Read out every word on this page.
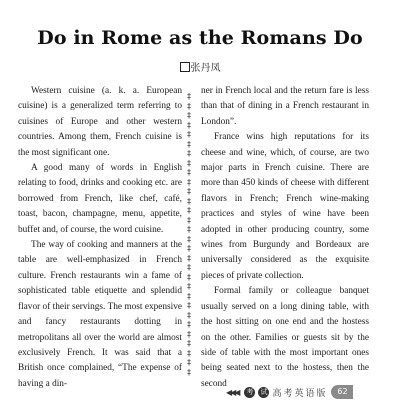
Do in Rome as the Romans Do
张丹凤

Western cuisine (a. k. a. European cuisine) is a generalized term referring to cuisines of Europe and other western countries. Among them, French cuisine is the most significant one.

A good many of words in English relating to food, drinks and cooking etc. are borrowed from French, like chef, café, toast, bacon, champagne, menu, appetite, buffet and, of course, the word cuisine.

The way of cooking and manners at the table are well-emphasized in French culture. French restaurants win a fame of sophisticated table etiquette and splendid flavor of their servings. The most expensive and fancy restaurants dotting in metropolitans all over the world are almost exclusively French. It was said that a British once complained, “The expense of having a din-

‡
‡
‡
‡
‡
‡
‡
‡
‡
‡
‡
‡
‡
‡
‡
‡
‡
‡
‡
‡
‡
‡
‡
‡
‡
‡
‡
‡
‡
‡

ner in French local and the return fare is less than that of dining in a French restaurant in London”.

France wins high reputations for its cheese and wine, which, of course, are two major parts in French cuisine. There are more than 450 kinds of cheese with different flavors in French; French wine-making practices and styles of wine have been adopted in other producing country, some wines from Burgundy and Bordeaux are universally considered as the exquisite pieces of private collection.

Formal family or colleague banquet usually served on a long dining table, with the host sitting on one end and the hostess on the other. Families or guests sit by the side of table with the most important ones being seated next to the hostess, then the second

◀◀◀ 考 试 高考英语版	62
